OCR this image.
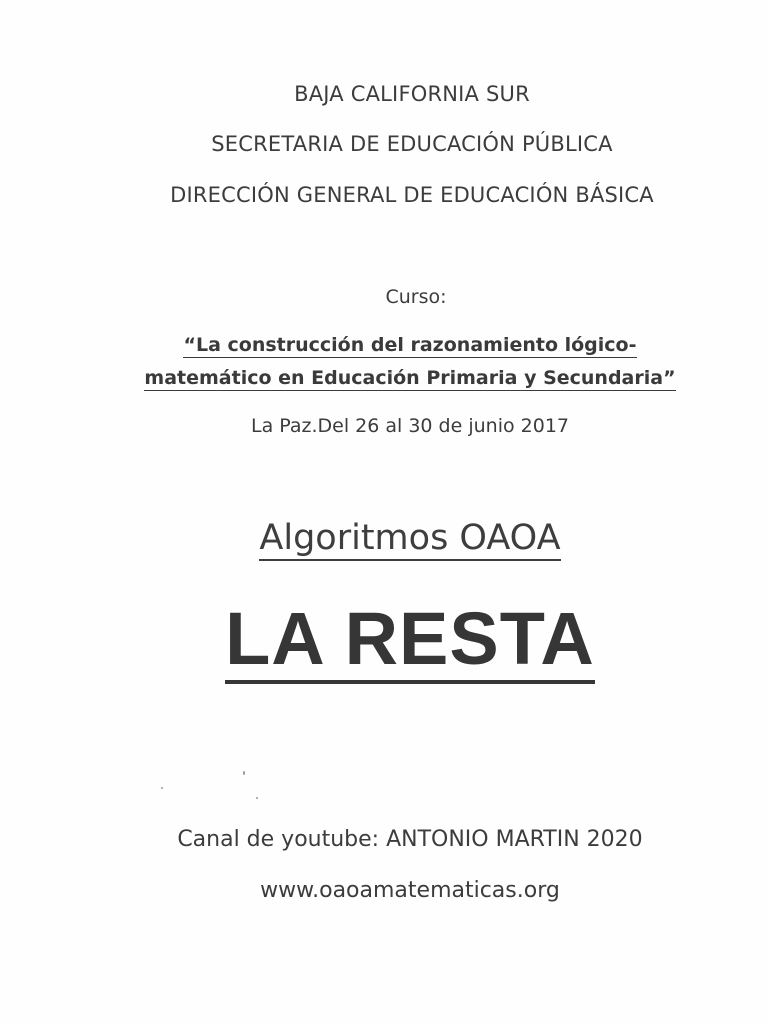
BAJA CALIFORNIA SUR

SECRETARIA DE EDUCACIÓN PÚBLICA

DIRECCIÓN GENERAL DE EDUCACIÓN BÁSICA

Curso:

“La construcción del razonamiento lógico-

matemático en Educación Primaria y Secundaria”

La Paz.Del 26 al 30 de junio 2017

Algoritmos OAOA

LA RESTA

Canal de youtube: ANTONIO MARTIN 2020

www.oaoamatematicas.org
